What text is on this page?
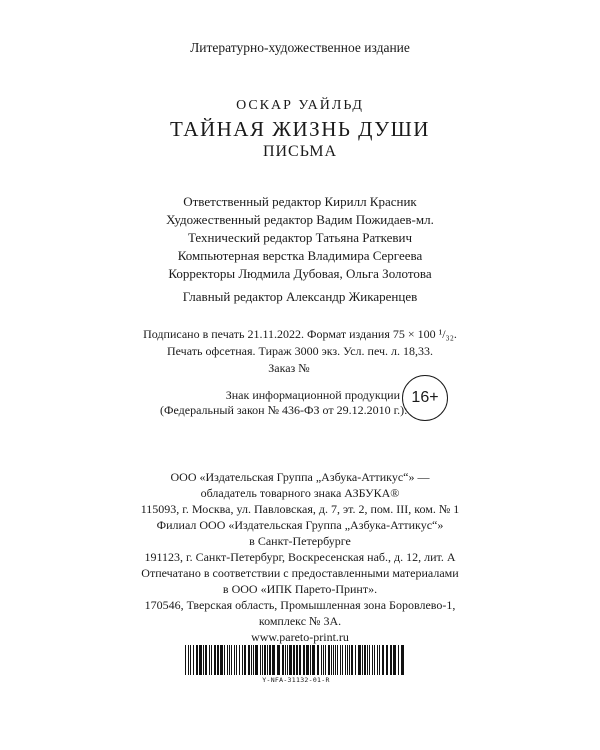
Литературно-художественное издание
ОСКАР УАЙЛЬД
ТАЙНАЯ ЖИЗНЬ ДУШИ
ПИСЬМА
Ответственный редактор Кирилл Красник
Художественный редактор Вадим Пожидаев-мл.
Технический редактор Татьяна Раткевич
Компьютерная верстка Владимира Сергеева
Корректоры Людмила Дубовая, Ольга Золотова
Главный редактор Александр Жикаренцев
Подписано в печать 21.11.2022. Формат издания 75 × 100 ¹/₃₂.
Печать офсетная. Тираж 3000 экз. Усл. печ. л. 18,33.
Заказ №
Знак информационной продукции
(Федеральный закон № 436-ФЗ от 29.12.2010 г.):
16+
ООО «Издательская Группа „Азбука-Аттикус“» —
обладатель товарного знака АЗБУКА®
115093, г. Москва, ул. Павловская, д. 7, эт. 2, пом. III, ком. № 1
Филиал ООО «Издательская Группа „Азбука-Аттикус“»
в Санкт-Петербурге
191123, г. Санкт-Петербург, Воскресенская наб., д. 12, лит. А
Отпечатано в соответствии с предоставленными материалами
в ООО «ИПК Парето-Принт».
170546, Тверская область, Промышленная зона Боровлево-1,
комплекс № 3А.
www.pareto-print.ru
Y-NFA-31132-01-R
